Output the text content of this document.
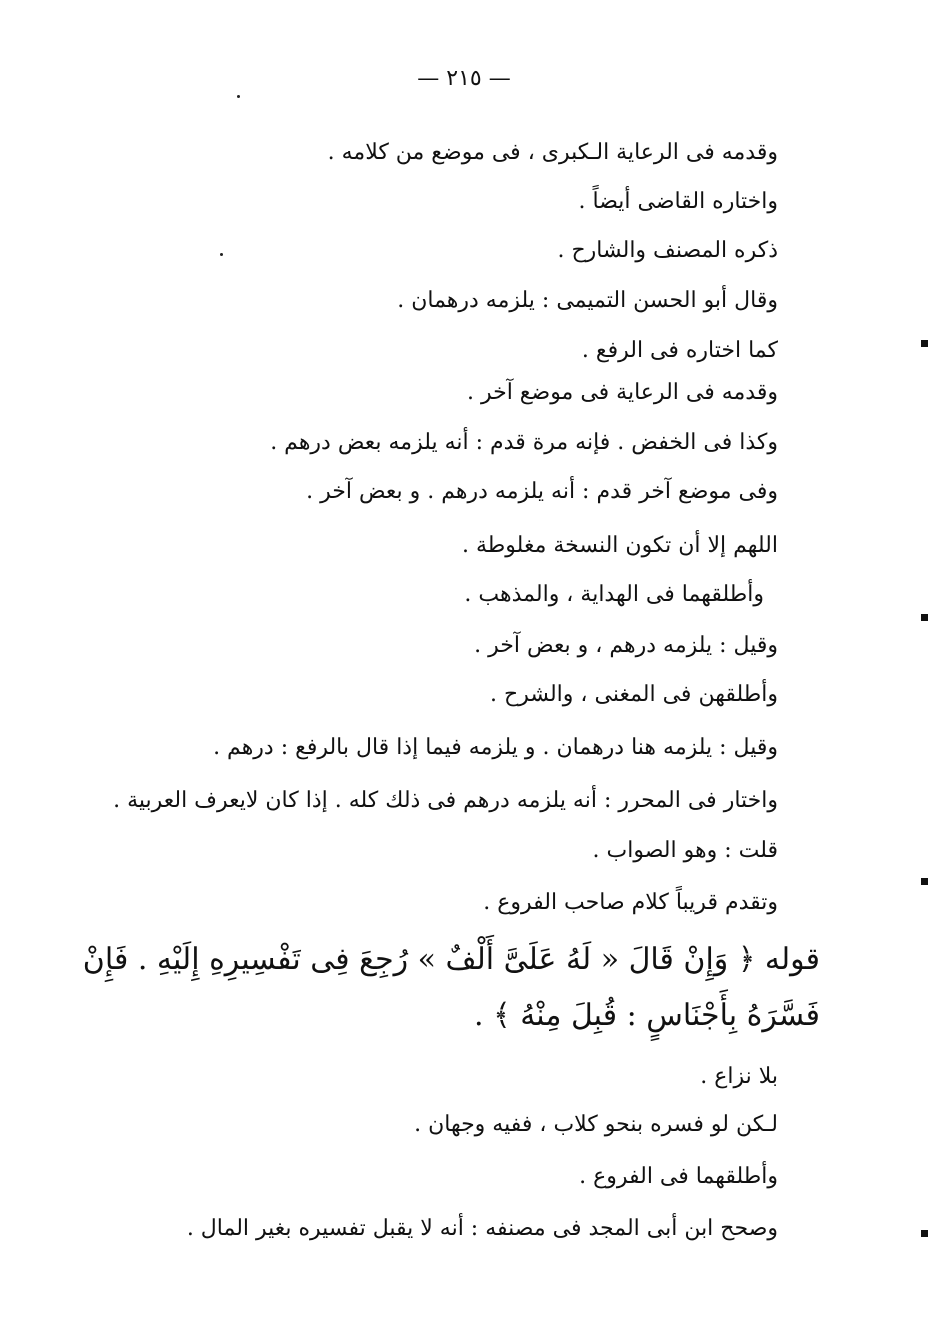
— ٢١٥ —
وقدمه فى الرعاية الـكبرى ، فى موضع من كلامه .
واختاره القاضى أيضاً .
ذكره المصنف والشارح .
وقال أبو الحسن التميمى : يلزمه درهمان .
كما اختاره فى الرفع .
وقدمه فى الرعاية فى موضع آخر .
وكذا فى الخفض . فإنه مرة قدم : أنه يلزمه بعض درهم .
وفى موضع آخر قدم : أنه يلزمه درهم . و بعض آخر .
اللهم إلا أن تكون النسخة مغلوطة .
وأطلقهما فى الهداية ، والمذهب .
وقيل : يلزمه درهم ، و بعض آخر .
وأطلقهن فى المغنى ، والشرح .
وقيل : يلزمه هنا درهمان . و يلزمه فيما إذا قال بالرفع : درهم .
واختار فى المحرر : أنه يلزمه درهم فى ذلك كله . إذا كان لايعرف العربية .
قلت : وهو الصواب .
وتقدم قريباً كلام صاحب الفروع .
قوله ﴿ وَإِنْ قَالَ « لَهُ عَلَىَّ أَلْفٌ » رُجِعَ فِى تَفْسِيرِهِ إِلَيْهِ . فَإِنْ
فَسَّرَهُ بِأَجْنَاسٍ : قُبِلَ مِنْهُ ﴾ .
بلا نزاع .
لـكن لو فسره بنحو كلاب ، ففيه وجهان .
وأطلقهما فى الفروع .
وصحح ابن أبى المجد فى مصنفه : أنه لا يقبل تفسيره بغير المال .
